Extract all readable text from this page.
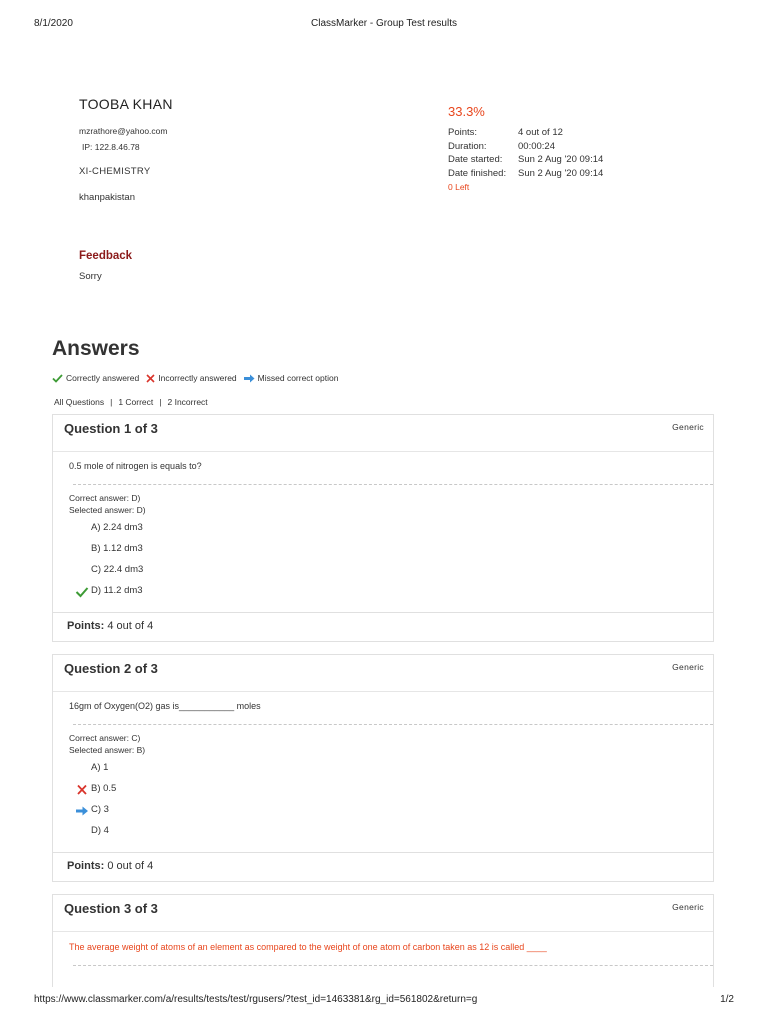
8/1/2020	ClassMarker - Group Test results
https://www.classmarker.com/a/results/tests/test/rgusers/?test_id=1463381&rg_id=561802&return=g	1/2
TOOBA KHAN
mzrathore@yahoo.com
IP: 122.8.46.78
XI-CHEMISTRY
khanpakistan
33.3%
Points:	4 out of 12
Duration:	00:00:24
Date started:	Sun 2 Aug '20 09:14
Date finished:	Sun 2 Aug '20 09:14
0 Left
Feedback
Sorry
Answers
Correctly answered Incorrectly answered Missed correct option
All Questions | 1 Correct | 2 Incorrect
Question 1 of 3	Generic
0.5 mole of nitrogen is equals to?
Correct answer: D)
Selected answer: D)
A) 2.24 dm3
B) 1.12 dm3
C) 22.4 dm3
D) 11.2 dm3
Points: 4 out of 4
Question 2 of 3	Generic
16gm of Oxygen(O2) gas is___________ moles
Correct answer: C)
Selected answer: B)
A) 1
B) 0.5
C) 3
D) 4
Points: 0 out of 4
Question 3 of 3	Generic
The average weight of atoms of an element as compared to the weight of one atom of carbon taken as 12 is called ____
